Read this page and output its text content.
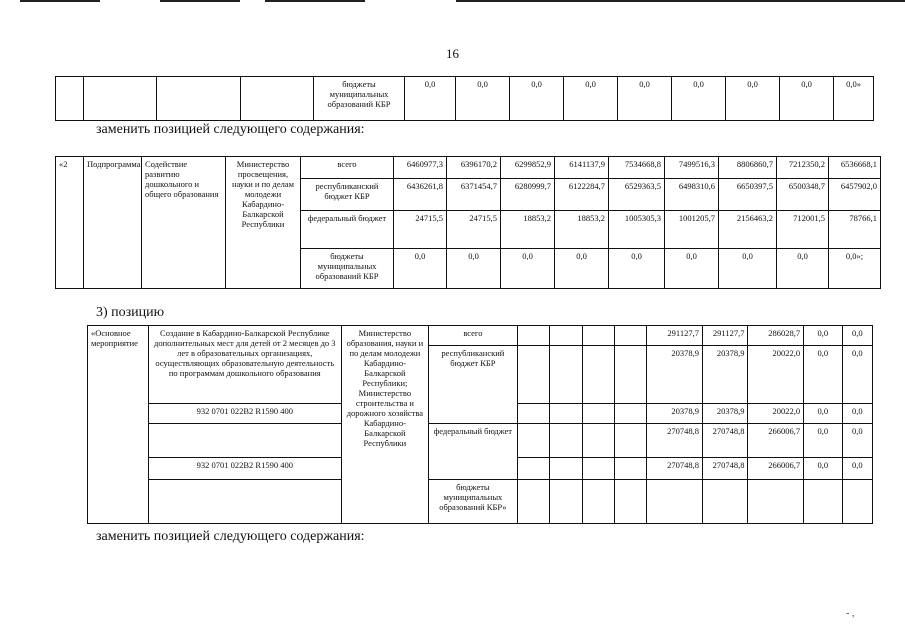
16
				бюджеты муниципальных образований КБР	0,0	0,0	0,0	0,0	0,0	0,0	0,0	0,0	0,0»
заменить позицией следующего содержания:
«2	Подпрограмма	Содействие развитию дошкольного и общего образования	Министерство просвещения, науки и по делам молодежи Кабардино-Балкарской Республики	всего	6460977,3	6396170,2	6299852,9	6141137,9	7534668,8	7499516,3	8806860,7	7212350,2	6536668,1
				республиканский бюджет КБР	6436261,8	6371454,7	6280999,7	6122284,7	6529363,5	6498310,6	6650397,5	6500348,7	6457902,0
				федеральный бюджет	24715,5	24715,5	18853,2	18853,2	1005305,3	1001205,7	2156463,2	712001,5	78766,1
				бюджеты муниципальных образований КБР	0,0	0,0	0,0	0,0	0,0	0,0	0,0	0,0	0,0»;
3) позицию
«Основное мероприятие	Создание в Кабардино-Балкарской Республике дополнительных мест для детей от 2 месяцев до 3 лет в образовательных организациях, осуществляющих образовательную деятельность по программам дошкольного образования	Министерство образования, науки и по делам молодежи Кабардино-Балкарской Республики; Министерство строительства и дорожного хозяйства Кабардино-Балкарской Республики	всего					291127,7	291127,7	286028,7	0,0	0,0
			республиканский бюджет КБР					20378,9	20378,9	20022,0	0,0	0,0
	932 0701 022В2 R1590 400							20378,9	20378,9	20022,0	0,0	0,0
			федеральный бюджет					270748,8	270748,8	266006,7	0,0	0,0
	932 0701 022В2 R1590 400							270748,8	270748,8	266006,7	0,0	0,0
			бюджеты муниципальных образований КБР»									
заменить позицией следующего содержания:
- ,
